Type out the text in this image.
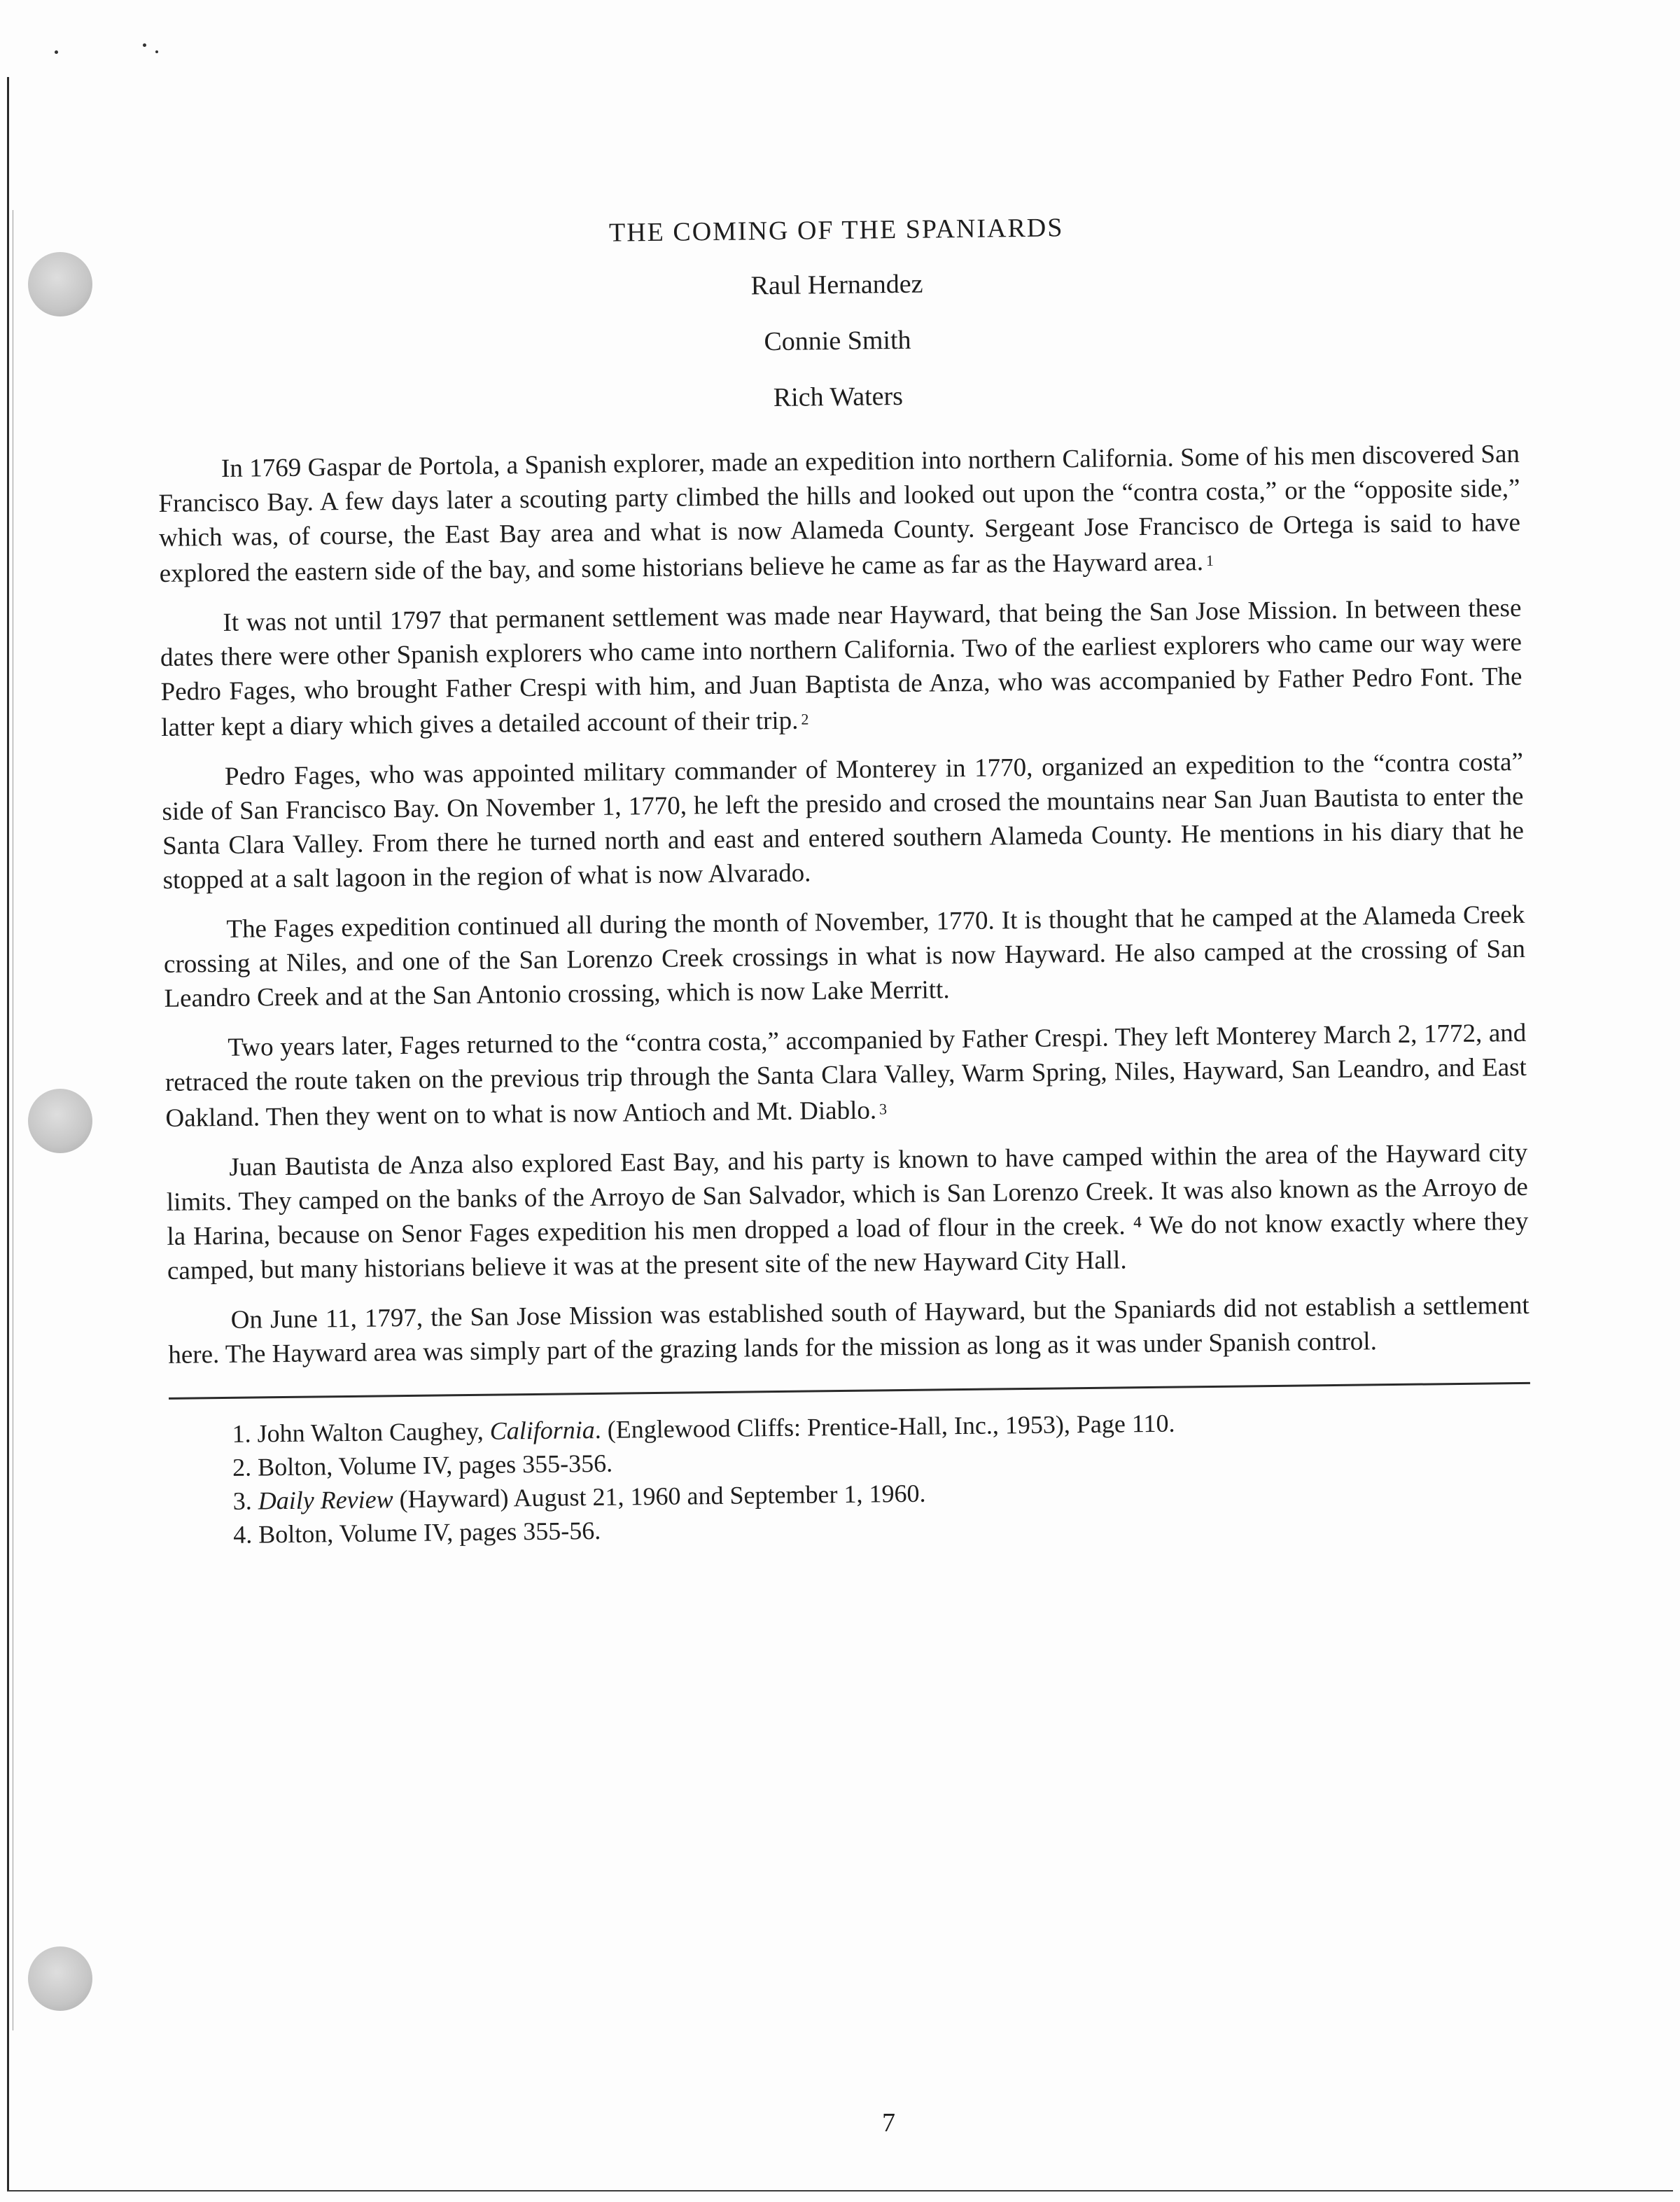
THE COMING OF THE SPANIARDS
Raul Hernandez
Connie Smith
Rich Waters

In 1769 Gaspar de Portola, a Spanish explorer, made an expedition into northern California. Some of his men discovered San Francisco Bay. A few days later a scouting party climbed the hills and looked out upon the “contra costa,” or the “opposite side,” which was, of course, the East Bay area and what is now Alameda County. Sergeant Jose Francisco de Ortega is said to have explored the eastern side of the bay, and some historians believe he came as far as the Hayward area. 1

It was not until 1797 that permanent settlement was made near Hayward, that being the San Jose Mission. In between these dates there were other Spanish explorers who came into northern California. Two of the earliest explorers who came our way were Pedro Fages, who brought Father Crespi with him, and Juan Baptista de Anza, who was accompanied by Father Pedro Font. The latter kept a diary which gives a detailed account of their trip. 2

Pedro Fages, who was appointed military commander of Monterey in 1770, organized an expedition to the “contra costa” side of San Francisco Bay. On November 1, 1770, he left the presido and crosed the mountains near San Juan Bautista to enter the Santa Clara Valley. From there he turned north and east and entered southern Alameda County. He mentions in his diary that he stopped at a salt lagoon in the region of what is now Alvarado.

The Fages expedition continued all during the month of November, 1770. It is thought that he camped at the Alameda Creek crossing at Niles, and one of the San Lorenzo Creek crossings in what is now Hayward. He also camped at the crossing of San Leandro Creek and at the San Antonio crossing, which is now Lake Merritt.

Two years later, Fages returned to the “contra costa,” accompanied by Father Crespi. They left Monterey March 2, 1772, and retraced the route taken on the previous trip through the Santa Clara Valley, Warm Spring, Niles, Hayward, San Leandro, and East Oakland. Then they went on to what is now Antioch and Mt. Diablo. 3

Juan Bautista de Anza also explored East Bay, and his party is known to have camped within the area of the Hayward city limits. They camped on the banks of the Arroyo de San Salvador, which is San Lorenzo Creek. It was also known as the Arroyo de la Harina, because on Senor Fages expedition his men dropped a load of flour in the creek. ⁴ We do not know exactly where they camped, but many historians believe it was at the present site of the new Hayward City Hall.

On June 11, 1797, the San Jose Mission was established south of Hayward, but the Spaniards did not establish a settlement here. The Hayward area was simply part of the grazing lands for the mission as long as it was under Spanish control.

1. John Walton Caughey, California. (Englewood Cliffs: Prentice-Hall, Inc., 1953), Page 110.

2. Bolton, Volume IV, pages 355-356.

3. Daily Review (Hayward) August 21, 1960 and September 1, 1960.

4. Bolton, Volume IV, pages 355-56.

7
